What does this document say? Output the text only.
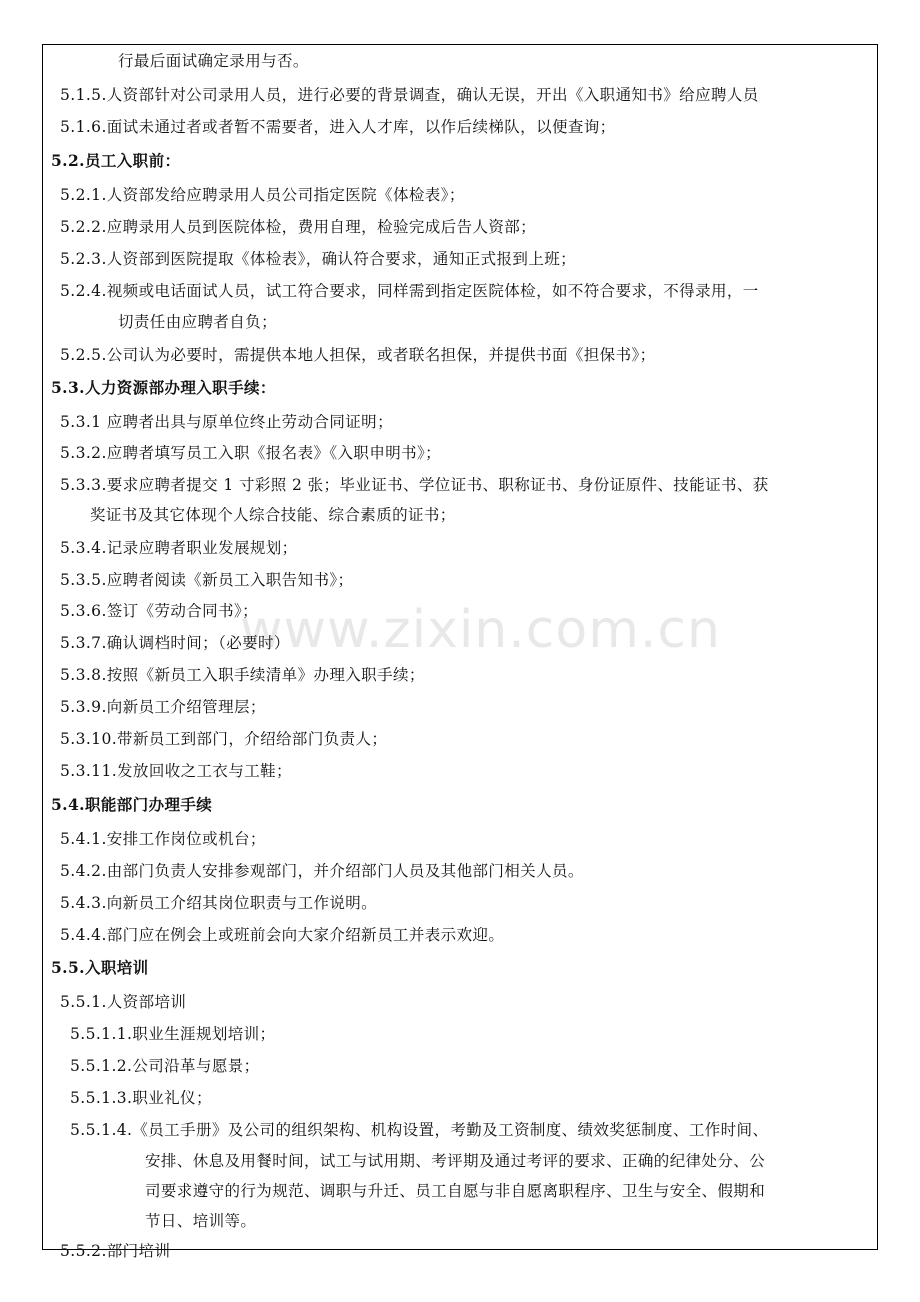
www.zixin.com.cn
行最后面试确定录用与否。
5.1.5.人资部针对公司录用人员，进行必要的背景调查，确认无误，开出《入职通知书》给应聘人员
5.1.6.面试未通过者或者暂不需要者，进入人才库，以作后续梯队，以便查询；
5.2.员工入职前：
5.2.1.人资部发给应聘录用人员公司指定医院《体检表》；
5.2.2.应聘录用人员到医院体检，费用自理，检验完成后告人资部；
5.2.3.人资部到医院提取《体检表》，确认符合要求，通知正式报到上班；
5.2.4.视频或电话面试人员，试工符合要求，同样需到指定医院体检，如不符合要求，不得录用，一
切责任由应聘者自负；
5.2.5.公司认为必要时，需提供本地人担保，或者联名担保，并提供书面《担保书》；
5.3.人力资源部办理入职手续：
5.3.1 应聘者出具与原单位终止劳动合同证明；
5.3.2.应聘者填写员工入职《报名表》《入职申明书》；
5.3.3.要求应聘者提交 1 寸彩照 2 张；毕业证书、学位证书、职称证书、身份证原件、技能证书、获
奖证书及其它体现个人综合技能、综合素质的证书；
5.3.4.记录应聘者职业发展规划；
5.3.5.应聘者阅读《新员工入职告知书》；
5.3.6.签订《劳动合同书》；
5.3.7.确认调档时间；（必要时）
5.3.8.按照《新员工入职手续清单》办理入职手续；
5.3.9.向新员工介绍管理层；
5.3.10.带新员工到部门，介绍给部门负责人；
5.3.11.发放回收之工衣与工鞋；
5.4.职能部门办理手续
5.4.1.安排工作岗位或机台；
5.4.2.由部门负责人安排参观部门，并介绍部门人员及其他部门相关人员。
5.4.3.向新员工介绍其岗位职责与工作说明。
5.4.4.部门应在例会上或班前会向大家介绍新员工并表示欢迎。
5.5.入职培训
5.5.1.人资部培训
5.5.1.1.职业生涯规划培训；
5.5.1.2.公司沿革与愿景；
5.5.1.3.职业礼仪；
5.5.1.4.《员工手册》及公司的组织架构、机构设置，考勤及工资制度、绩效奖惩制度、工作时间、
安排、休息及用餐时间，试工与试用期、考评期及通过考评的要求、正确的纪律处分、公
司要求遵守的行为规范、调职与升迁、员工自愿与非自愿离职程序、卫生与安全、假期和
节日、培训等。
5.5.2.部门培训
